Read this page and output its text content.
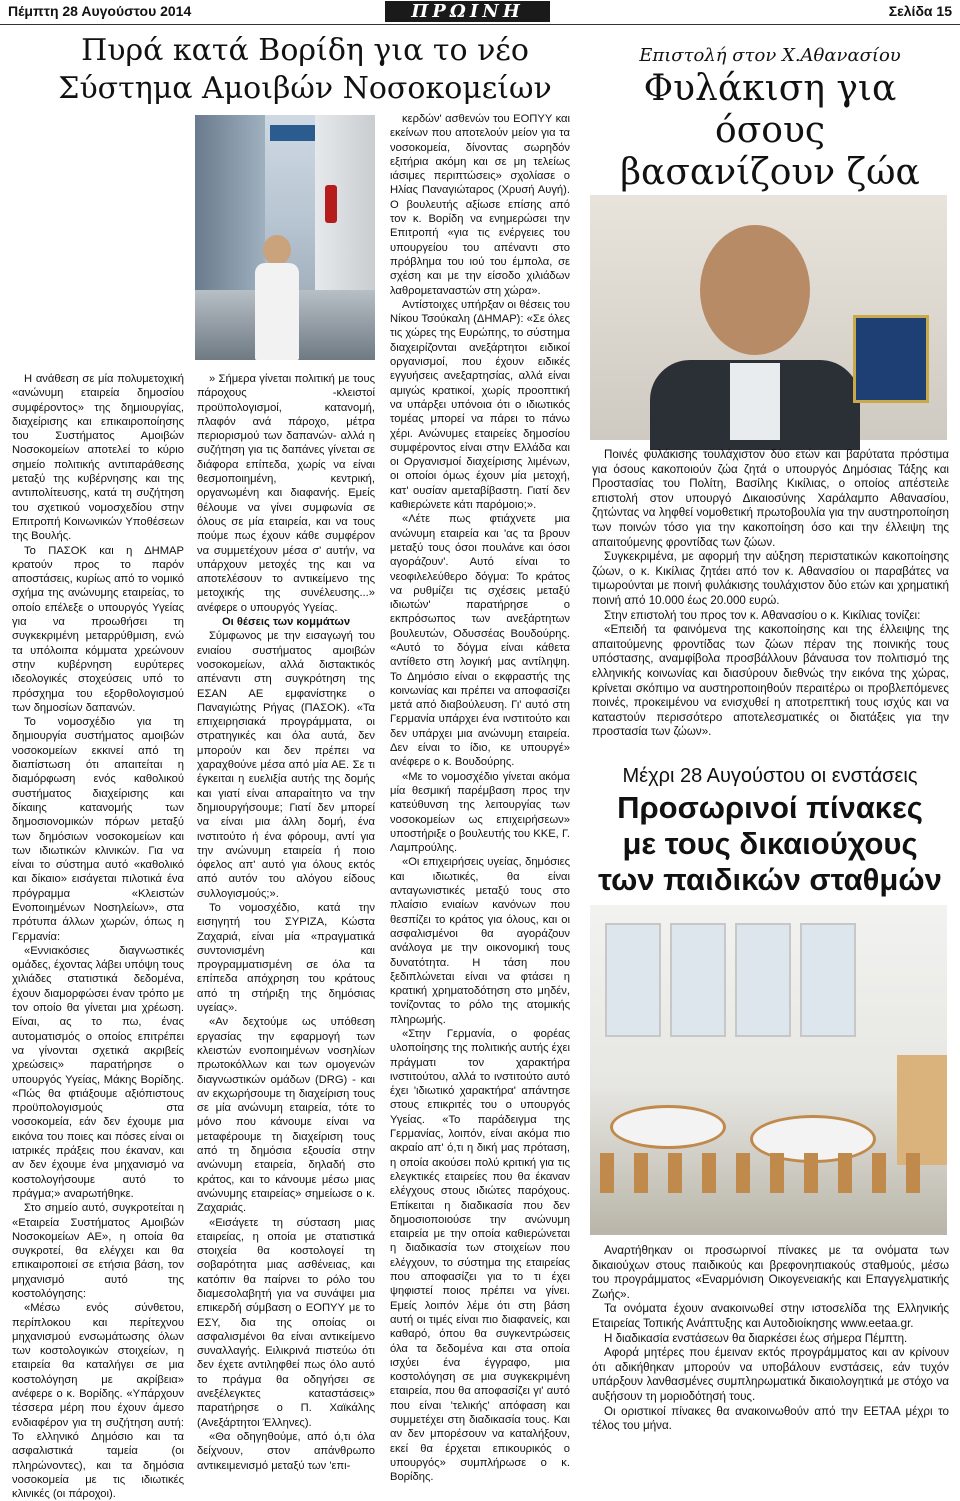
Πέμπτη 28 Αυγούστου 2014	ΠΡΩΙΝΗ	Σελίδα 15
Πυρά κατά Βορίδη για το νέο
Σύστημα Αμοιβών Νοσοκομείων

Η ανάθεση σε μία πολυμετοχική «ανώνυμη εταιρεία δημοσίου συμφέροντος» της δημιουργίας, διαχείρισης και επικαιροποίησης του Συστήματος Αμοιβών Νοσοκομείων αποτελεί το κύριο σημείο πολιτικής αντιπαράθεσης μεταξύ της κυβέρνησης και της αντιπολίτευσης, κατά τη συζήτηση του σχετικού νομοσχεδίου στην Επιτροπή Κοινωνικών Υποθέσεων της Βουλής.

Το ΠΑΣΟΚ και η ΔΗΜΑΡ κρατούν προς το παρόν αποστάσεις, κυρίως από το νομικό σχήμα της ανώνυμης εταιρείας, το οποίο επέλεξε ο υπουργός Υγείας για να προωθήσει τη συγκεκριμένη μεταρρύθμιση, ενώ τα υπόλοιπα κόμματα χρεώνουν στην κυβέρνηση ευρύτερες ιδεολογικές στοχεύσεις υπό το πρόσχημα του εξορθολογισμού των δημοσίων δαπανών.

Το νομοσχέδιο για τη δημιουργία συστήματος αμοιβών νοσοκομείων εκκινεί από τη διαπίστωση ότι απαιτείται η διαμόρφωση ενός καθολικού συστήματος διαχείρισης και δίκαιης κατανομής των δημοσιονομικών πόρων μεταξύ των δημόσιων νοσοκομείων και των ιδιωτικών κλινικών. Για να είναι το σύστημα αυτό «καθολικό και δίκαιο» εισάγεται πιλοτικά ένα πρόγραμμα «Κλειστών Ενοποιημένων Νοσηλείων», στα πρότυπα άλλων χωρών, όπως η Γερμανία:

«Εννιακόσιες διαγνωστικές ομάδες, έχοντας λάβει υπόψη τους χιλιάδες στατιστικά δεδομένα, έχουν διαμορφώσει έναν τρόπο με τον οποίο θα γίνεται μια χρέωση. Είναι, ας το πω, ένας αυτοματισμός ο οποίος επιτρέπει να γίνονται σχετικά ακριβείς χρεώσεις» παρατήρησε ο υπουργός Υγείας, Μάκης Βορίδης. «Πώς θα φτιάξουμε αξιόπιστους προϋπολογισμούς στα νοσοκομεία, εάν δεν έχουμε μια εικόνα του ποιες και πόσες είναι οι ιατρικές πράξεις που έκαναν, και αν δεν έχουμε ένα μηχανισμό να κοστολογήσουμε αυτό το πράγμα;» αναρωτήθηκε.

Στο σημείο αυτό, συγκροτείται η «Εταιρεία Συστήματος Αμοιβών Νοσοκομείων ΑΕ», η οποία θα συγκροτεί, θα ελέγχει και θα επικαιροποιεί σε ετήσια βάση, τον μηχανισμό αυτό της κοστολόγησης:

«Μέσω ενός σύνθετου, περίπλοκου και περίτεχνου μηχανισμού ενσωμάτωσης όλων των κοστολογικών στοιχείων, η εταιρεία θα καταλήγει σε μια κοστολόγηση με ακρίβεια» ανέφερε ο κ. Βορίδης. «Υπάρχουν τέσσερα μέρη που έχουν άμεσο ενδιαφέρον για τη συζήτηση αυτή: Το ελληνικό Δημόσιο και τα ασφαλιστικά ταμεία (οι πληρώνοντες), και τα δημόσια νοσοκομεία με τις ιδιωτικές κλινικές (οι πάροχοι).

» Σήμερα γίνεται πολιτική με τους πάροχους -κλειστοί προϋπολογισμοί, κατανομή, πλαφόν ανά πάροχο, μέτρα περιορισμού των δαπανών- αλλά η συζήτηση για τις δαπάνες γίνεται σε διάφορα επίπεδα, χωρίς να είναι θεσμοποιημένη, κεντρική, οργανωμένη και διαφανής. Εμείς θέλουμε να γίνει συμφωνία σε όλους σε μία εταιρεία, και να τους πούμε πως έχουν κάθε συμφέρον να συμμετέχουν μέσα σ' αυτήν, να υπάρχουν μετοχές της και να αποτελέσουν το αντικείμενο της μετοχικής της συνέλευσης...» ανέφερε ο υπουργός Υγείας.

Οι θέσεις των κομμάτων

Σύμφωνος με την εισαγωγή του ενιαίου συστήματος αμοιβών νοσοκομείων, αλλά διστακτικός απέναντι στη συγκρότηση της ΕΣΑΝ ΑΕ εμφανίστηκε ο Παναγιώτης Ρήγας (ΠΑΣΟΚ). «Τα επιχειρησιακά προγράμματα, οι στρατηγικές και όλα αυτά, δεν μπορούν και δεν πρέπει να χαραχθούνε μέσα από μία ΑΕ. Σε τι έγκειται η ευελιξία αυτής της δομής και γιατί είναι απαραίτητο να την δημιουργήσουμε; Γιατί δεν μπορεί να είναι μια άλλη δομή, ένα ινστιτούτο ή ένα φόρουμ, αντί για την ανώνυμη εταιρεία ή ποιο όφελος απ' αυτό για όλους εκτός από αυτόν του αλόγου είδους συλλογισμούς;».

Το νομοσχέδιο, κατά την εισηγητή του ΣΥΡΙΖΑ, Κώστα Ζαχαριά, είναι μία «πραγματικά συντονισμένη και προγραμματισμένη σε όλα τα επίπεδα απόχρηση του κράτους από τη στήριξη της δημόσιας υγείας».

«Αν δεχτούμε ως υπόθεση εργασίας την εφαρμογή των κλειστών ενοποιημένων νοσηλίων πρωτοκόλλων και των ομογενών διαγνωστικών ομάδων (DRG) - και αν εκχωρήσουμε τη διαχείριση τους σε μία ανώνυμη εταιρεία, τότε το μόνο που κάνουμε είναι να μεταφέρουμε τη διαχείριση τους από τη δημόσια εξουσία στην ανώνυμη εταιρεία, δηλαδή στο κράτος, και το κάνουμε μέσω μιας ανώνυμης εταιρείας» σημείωσε ο κ. Ζαχαριάς.

«Εισάγετε τη σύσταση μιας εταιρείας, η οποία με στατιστικά στοιχεία θα κοστολογεί τη σοβαρότητα μιας ασθένειας, και κατόπιν θα παίρνει το ρόλο του διαμεσολαβητή για να συνάψει μια επικερδή σύμβαση ο ΕΟΠΥΥ με το ΕΣΥ, δια της οποίας οι ασφαλισμένοι θα είναι αντικείμενο συναλλαγής. Ειλικρινά πιστεύω ότι δεν έχετε αντιληφθεί πως όλο αυτό το πράγμα θα οδηγήσει σε ανεξέλεγκτες καταστάσεις» παρατήρησε ο Π. Χαϊκάλης (Ανεξάρτητοι Έλληνες).

«Θα οδηγηθούμε, από ό,τι όλα δείχνουν, στον απάνθρωπο αντικειμενισμό μεταξύ των 'επι-

κερδών' ασθενών του ΕΟΠΥΥ και εκείνων που αποτελούν μείον για τα νοσοκομεία, δίνοντας σωρηδόν εξιτήρια ακόμη και σε μη τελείως ιάσιμες περιπτώσεις» σχολίασε ο Ηλίας Παναγιώταρος (Χρυσή Αυγή). Ο βουλευτής αξίωσε επίσης από τον κ. Βορίδη να ενημερώσει την Επιτροπή «για τις ενέργειες του υπουργείου του απέναντι στο πρόβλημα του ιού του έμπολα, σε σχέση και με την είσοδο χιλιάδων λαθρομεταναστών στη χώρα».

Αντίστοιχες υπήρξαν οι θέσεις του Νίκου Τσούκαλη (ΔΗΜΑΡ): «Σε όλες τις χώρες της Ευρώπης, το σύστημα διαχειρίζονται ανεξάρτητοι ειδικοί οργανισμοί, που έχουν ειδικές εγγυήσεις ανεξαρτησίας, αλλά είναι αμιγώς κρατικοί, χωρίς προοπτική να υπάρξει υπόνοια ότι ο ιδιωτικός τομέας μπορεί να πάρει το πάνω χέρι. Ανώνυμες εταιρείες δημοσίου συμφέροντος είναι στην Ελλάδα και οι Οργανισμοί διαχείρισης λιμένων, οι οποίοι όμως έχουν μία μετοχή, κατ' ουσίαν αμεταβίβαστη. Γιατί δεν καθιερώνετε κάτι παρόμοιο;».

«Λέτε πως φτιάχνετε μια ανώνυμη εταιρεία και 'ας τα βρουν μεταξύ τους όσοι πουλάνε και όσοι αγοράζουν'. Αυτό είναι το νεοφιλελεύθερο δόγμα: Το κράτος να ρυθμίζει τις σχέσεις μεταξύ ιδιωτών' παρατήρησε ο εκπρόσωπος των ανεξάρτητων βουλευτών, Οδυσσέας Βουδούρης. «Αυτό το δόγμα είναι κάθετα αντίθετο στη λογική μας αντίληψη. Το Δημόσιο είναι ο εκφραστής της κοινωνίας και πρέπει να αποφασίζει μετά από διαβούλευση. Γι' αυτό στη Γερμανία υπάρχει ένα ινστιτούτο και δεν υπάρχει μια ανώνυμη εταιρεία. Δεν είναι το ίδιο, κε υπουργέ» ανέφερε ο κ. Βουδούρης.

«Με το νομοσχέδιο γίνεται ακόμα μία θεσμική παρέμβαση προς την κατεύθυνση της λειτουργίας των νοσοκομείων ως επιχειρήσεων» υποστήριξε ο βουλευτής του ΚΚΕ, Γ. Λαμπρούλης.

«Οι επιχειρήσεις υγείας, δημόσιες και ιδιωτικές, θα είναι ανταγωνιστικές μεταξύ τους στο πλαίσιο ενιαίων κανόνων που θεσπίζει το κράτος για όλους, και οι ασφαλισμένοι θα αγοράζουν ανάλογα με την οικονομική τους δυνατότητα. Η τάση που ξεδιπλώνεται είναι να φτάσει η κρατική χρηματοδότηση στο μηδέν, τονίζοντας το ρόλο της ατομικής πληρωμής.

«Στην Γερμανία, ο φορέας υλοποίησης της πολιτικής αυτής έχει πράγματι τον χαρακτήρα ινστιτούτου, αλλά το ινστιτούτο αυτό έχει 'ιδιωτικό χαρακτήρα' απάντησε στους επικριτές του ο υπουργός Υγείας. «Το παράδειγμα της Γερμανίας, λοιπόν, είναι ακόμα πιο ακραίο απ' ό,τι η δική μας πρόταση, η οποία ακούσει πολύ κριτική για τις ελεγκτικές εταιρείες που θα έκαναν ελέγχους στους ιδιώτες παρόχους. Επίκειται η διαδικασία που δεν δημοσιοποιούσε την ανώνυμη εταιρεία με την οποία καθιερώνεται η διαδικασία των στοιχείων που ελέγχουν, το σύστημα της εταιρείας που αποφασίζει για το τι έχει ψηφιστεί ποιος πρέπει να γίνει. Εμείς λοιπόν λέμε ότι στη βάση αυτή οι τιμές είναι πιο διαφανείς, και καθαρό, όπου θα συγκεντρώσεις όλα τα δεδομένα και στα οποία ισχύει ένα έγγραφο, μια κοστολόγηση σε μια συγκεκριμένη εταιρεία, που θα αποφασίζει γι' αυτό που είναι 'τελικής' απόφαση και συμμετέχει στη διαδικασία τους. Και αν δεν μπορέσουν να καταλήξουν, εκεί θα έρχεται επικουρικός ο υπουργός» συμπλήρωσε ο κ. Βορίδης.

Επιστολή στον Χ.Αθανασίου
Φυλάκιση για όσους
βασανίζουν ζώα

Ποινές φυλάκισης τουλάχιστον δύο ετών και βαρύτατα πρόστιμα για όσους κακοποιούν ζώα ζητά ο υπουργός Δημόσιας Τάξης και Προστασίας του Πολίτη, Βασίλης Κικίλιας, ο οποίος απέστειλε επιστολή στον υπουργό Δικαιοσύνης Χαράλαμπο Αθανασίου, ζητώντας να ληφθεί νομοθετική πρωτοβουλία για την αυστηροποίηση των ποινών τόσο για την κακοποίηση όσο και την έλλειψη της απαιτούμενης φροντίδας των ζώων.

Συγκεκριμένα, με αφορμή την αύξηση περιστατικών κακοποίησης ζώων, ο κ. Κικίλιας ζητάει από τον κ. Αθανασίου οι παραβάτες να τιμωρούνται με ποινή φυλάκισης τουλάχιστον δύο ετών και χρηματική ποινή από 10.000 έως 20.000 ευρώ.

Στην επιστολή του προς τον κ. Αθανασίου ο κ. Κικίλιας τονίζει:

«Επειδή τα φαινόμενα της κακοποίησης και της έλλειψης της απαιτούμενης φροντίδας των ζώων πέραν της ποινικής τους υπόστασης, αναμφίβολα προσβάλλουν βάναυσα τον πολιτισμό της ελληνικής κοινωνίας και διασύρουν διεθνώς την εικόνα της χώρας, κρίνεται σκόπιμο να αυστηροποιηθούν περαιτέρω οι προβλεπόμενες ποινές, προκειμένου να ενισχυθεί η αποτρεπτική τους ισχύς και να καταστούν περισσότερο αποτελεσματικές οι διατάξεις για την προστασία των ζώων».

Μέχρι 28 Αυγούστου οι ενστάσεις
Προσωρινοί πίνακες
με τους δικαιούχους
των παιδικών σταθμών

Αναρτήθηκαν οι προσωρινοί πίνακες με τα ονόματα των δικαιούχων στους παιδικούς και βρεφονηπιακούς σταθμούς, μέσω του προγράμματος «Εναρμόνιση Οικογενειακής και Επαγγελματικής Ζωής».

Τα ονόματα έχουν ανακοινωθεί στην ιστοσελίδα της Ελληνικής Εταιρείας Τοπικής Ανάπτυξης και Αυτοδιοίκησης www.eetaa.gr.

Η διαδικασία ενστάσεων θα διαρκέσει έως σήμερα Πέμπτη.

Αφορά μητέρες που έμειναν εκτός προγράμματος και αν κρίνουν ότι αδικήθηκαν μπορούν να υποβάλουν ενστάσεις, εάν τυχόν υπάρξουν λανθασμένες συμπληρωματικά δικαιολογητικά με στόχο να αυξήσουν τη μοριοδότησή τους.

Οι οριστικοί πίνακες θα ανακοινωθούν από την ΕΕΤΑΑ μέχρι το τέλος του μήνα.
